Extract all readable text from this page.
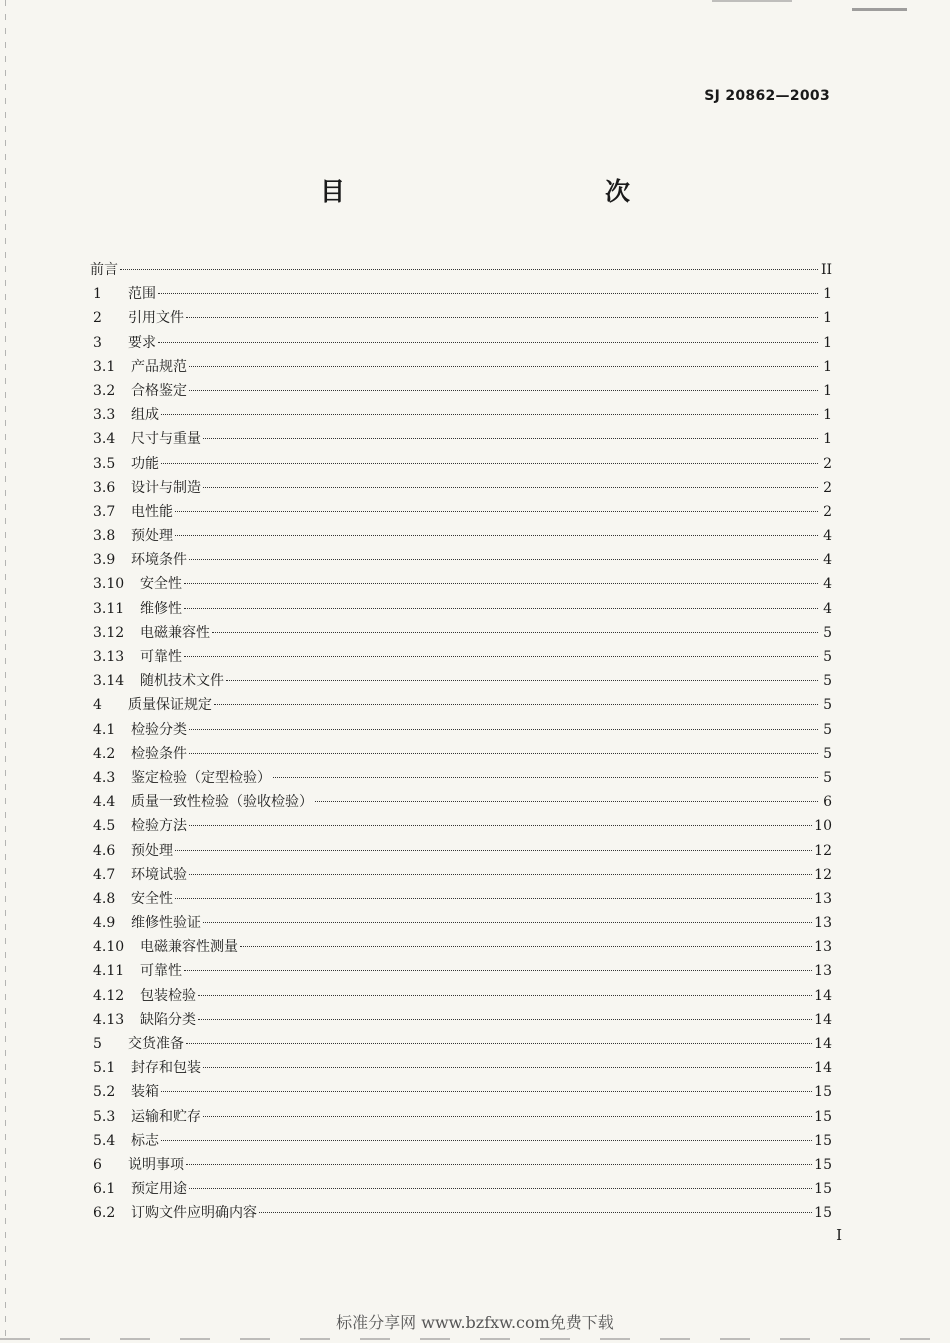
SJ 20862—2003
目　　次
前言	II
1	范围	1
2	引用文件	1
3	要求	1
3.1	产品规范	1
3.2	合格鉴定	1
3.3	组成	1
3.4	尺寸与重量	1
3.5	功能	2
3.6	设计与制造	2
3.7	电性能	2
3.8	预处理	4
3.9	环境条件	4
3.10	安全性	4
3.11	维修性	4
3.12	电磁兼容性	5
3.13	可靠性	5
3.14	随机技术文件	5
4	质量保证规定	5
4.1	检验分类	5
4.2	检验条件	5
4.3	鉴定检验（定型检验）	5
4.4	质量一致性检验（验收检验）	6
4.5	检验方法	10
4.6	预处理	12
4.7	环境试验	12
4.8	安全性	13
4.9	维修性验证	13
4.10	电磁兼容性测量	13
4.11	可靠性	13
4.12	包装检验	14
4.13	缺陷分类	14
5	交货准备	14
5.1	封存和包装	14
5.2	装箱	15
5.3	运输和贮存	15
5.4	标志	15
6	说明事项	15
6.1	预定用途	15
6.2	订购文件应明确内容	15
I
标准分享网 www.bzfxw.com免费下载
